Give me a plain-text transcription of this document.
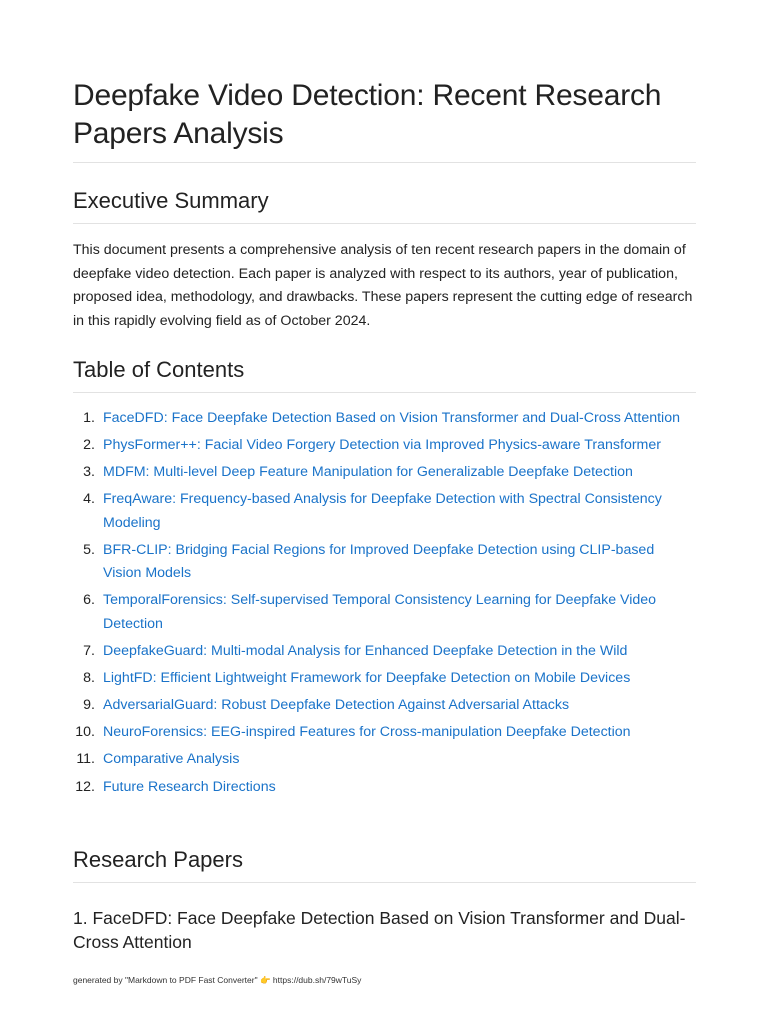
Deepfake Video Detection: Recent Research Papers Analysis
Executive Summary

This document presents a comprehensive analysis of ten recent research papers in the domain of deepfake video detection. Each paper is analyzed with respect to its authors, year of publication, proposed idea, methodology, and drawbacks. These papers represent the cutting edge of research in this rapidly evolving field as of October 2024.

Table of Contents
1. FaceDFD: Face Deepfake Detection Based on Vision Transformer and Dual-Cross Attention
2. PhysFormer++: Facial Video Forgery Detection via Improved Physics-aware Transformer
3. MDFM: Multi-level Deep Feature Manipulation for Generalizable Deepfake Detection
4. FreqAware: Frequency-based Analysis for Deepfake Detection with Spectral Consistency Modeling
5. BFR-CLIP: Bridging Facial Regions for Improved Deepfake Detection using CLIP-based Vision Models
6. TemporalForensics: Self-supervised Temporal Consistency Learning for Deepfake Video Detection
7. DeepfakeGuard: Multi-modal Analysis for Enhanced Deepfake Detection in the Wild
8. LightFD: Efficient Lightweight Framework for Deepfake Detection on Mobile Devices
9. AdversarialGuard: Robust Deepfake Detection Against Adversarial Attacks
10. NeuroForensics: EEG-inspired Features for Cross-manipulation Deepfake Detection
11. Comparative Analysis
12. Future Research Directions
Research Papers
1. FaceDFD: Face Deepfake Detection Based on Vision Transformer and Dual-Cross Attention
generated by "Markdown to PDF Fast Converter" 👉 https://dub.sh/79wTuSy
